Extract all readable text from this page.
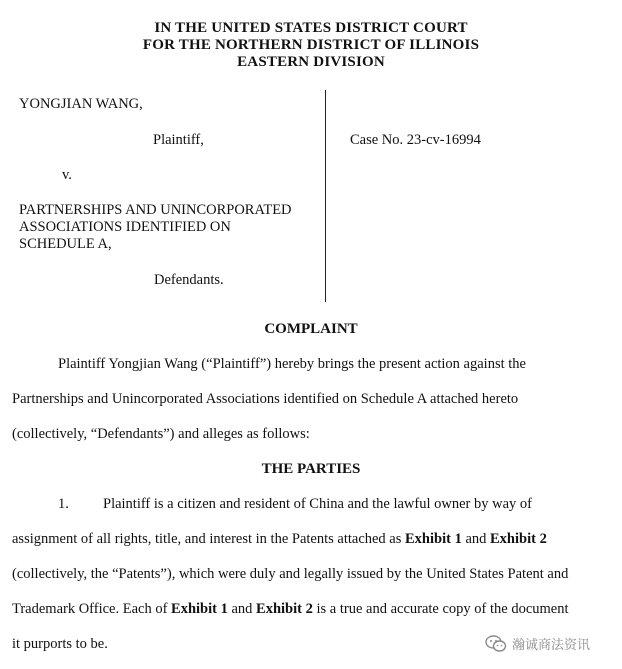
IN THE UNITED STATES DISTRICT COURT
FOR THE NORTHERN DISTRICT OF ILLINOIS
EASTERN DIVISION
YONGJIAN WANG,
Plaintiff,
v.
PARTNERSHIPS AND UNINCORPORATED
ASSOCIATIONS IDENTIFIED ON
SCHEDULE A,
Defendants.
Case No. 23-cv-16994
COMPLAINT
Plaintiff Yongjian Wang (“Plaintiff”) hereby brings the present action against the
Partnerships and Unincorporated Associations identified on Schedule A attached hereto
(collectively, “Defendants”) and alleges as follows:
THE PARTIES
1. Plaintiff is a citizen and resident of China and the lawful owner by way of
assignment of all rights, title, and interest in the Patents attached as Exhibit 1 and Exhibit 2
(collectively, the “Patents”), which were duly and legally issued by the United States Patent and
Trademark Office. Each of Exhibit 1 and Exhibit 2 is a true and accurate copy of the document
it purports to be.	瀚诚商法资讯
